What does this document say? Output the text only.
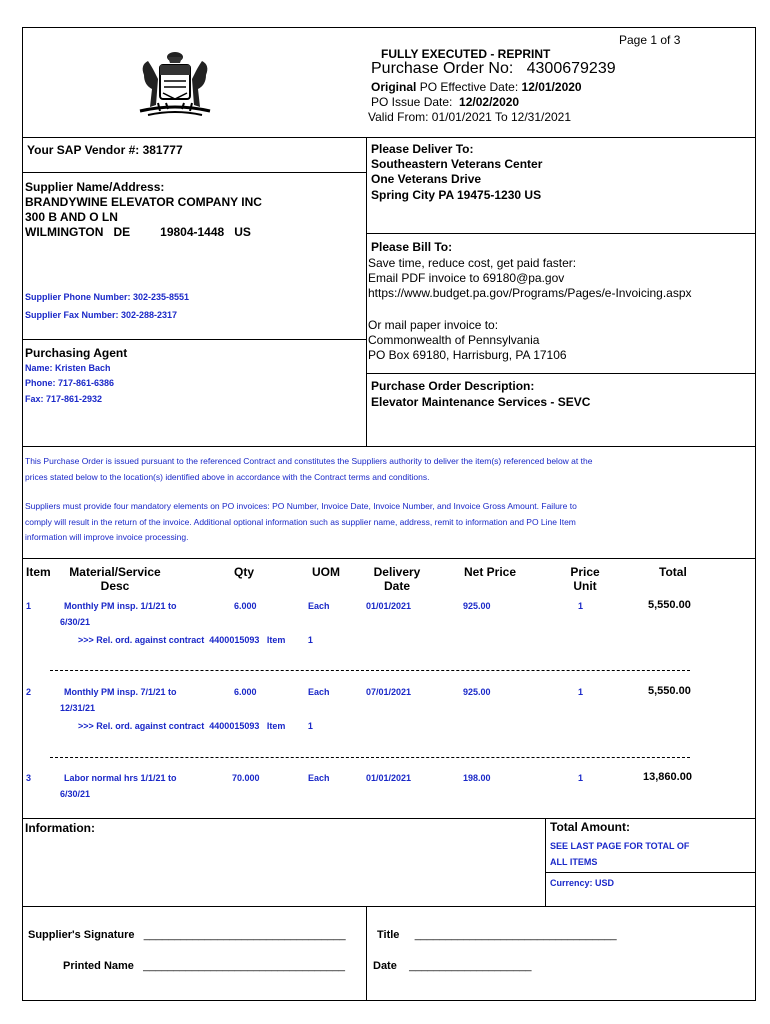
Page 1 of 3
FULLY EXECUTED - REPRINT
Purchase Order No: 4300679239
Original PO Effective Date: 12/01/2020
PO Issue Date: 12/02/2020
Valid From: 01/01/2021 To 12/31/2021
Your SAP Vendor #: 381777
Supplier Name/Address:
BRANDYWINE ELEVATOR COMPANY INC
300 B AND O LN
WILMINGTON DE	19804-1448 US
Supplier Phone Number: 302-235-8551
Supplier Fax Number: 302-288-2317
Purchasing Agent
Name: Kristen Bach
Phone: 717-861-6386
Fax: 717-861-2932
Please Deliver To:
Southeastern Veterans Center
One Veterans Drive
Spring City PA 19475-1230 US
Please Bill To:
Save time, reduce cost, get paid faster:
Email PDF invoice to 69180@pa.gov
https://www.budget.pa.gov/Programs/Pages/e-Invoicing.aspx
Or mail paper invoice to:
Commonwealth of Pennsylvania
PO Box 69180, Harrisburg, PA 17106
Purchase Order Description:
Elevator Maintenance Services - SEVC
This Purchase Order is issued pursuant to the referenced Contract and constitutes the Suppliers authority to deliver the item(s) referenced below at the
prices stated below to the location(s) identified above in accordance with the Contract terms and conditions.
Suppliers must provide four mandatory elements on PO invoices: PO Number, Invoice Date, Invoice Number, and Invoice Gross Amount. Failure to
comply will result in the return of the invoice. Additional optional information such as supplier name, address, remit to information and PO Line Item
information will improve invoice processing.
Item	Material/Service
Desc
Qty	UOM	Delivery
Date
Net Price	Price
Unit
Total
1	Monthly PM insp. 1/1/21 to
6/30/21
6.000	Each	01/01/2021	925.00	1	5,550.00
>>> Rel. ord. against contract  4400015093   Item         1
2	Monthly PM insp. 7/1/21 to
12/31/21
6.000	Each	07/01/2021	925.00	1	5,550.00
>>> Rel. ord. against contract  4400015093   Item         1
3	Labor normal hrs 1/1/21 to
6/30/21
70.000	Each	01/01/2021	198.00	1	13,860.00
Information:	Total Amount:
SEE LAST PAGE FOR TOTAL OF
ALL ITEMS
Currency: USD
Supplier's Signature _________________________________
Printed Name _________________________________
Title _________________________________
Date ____________________
